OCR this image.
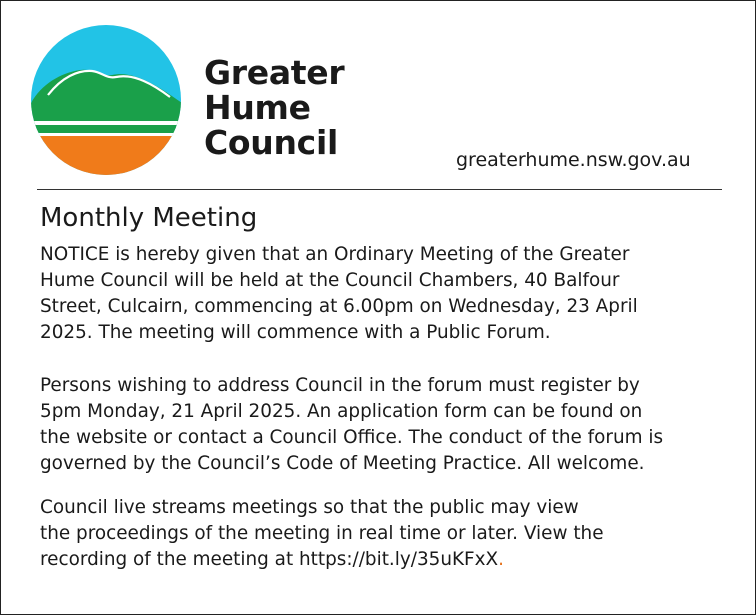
Greater
Hume
Council	greaterhume.nsw.gov.au
Monthly Meeting

NOTICE is hereby given that an Ordinary Meeting of the Greater
Hume Council will be held at the Council Chambers, 40 Balfour
Street, Culcairn, commencing at 6.00pm on Wednesday, 23 April
2025. The meeting will commence with a Public Forum.

Persons wishing to address Council in the forum must register by
5pm Monday, 21 April 2025. An application form can be found on
the website or contact a Council Office. The conduct of the forum is
governed by the Council’s Code of Meeting Practice. All welcome.

Council live streams meetings so that the public may view
the proceedings of the meeting in real time or later. View the
recording of the meeting at https://bit.ly/35uKFxX.
